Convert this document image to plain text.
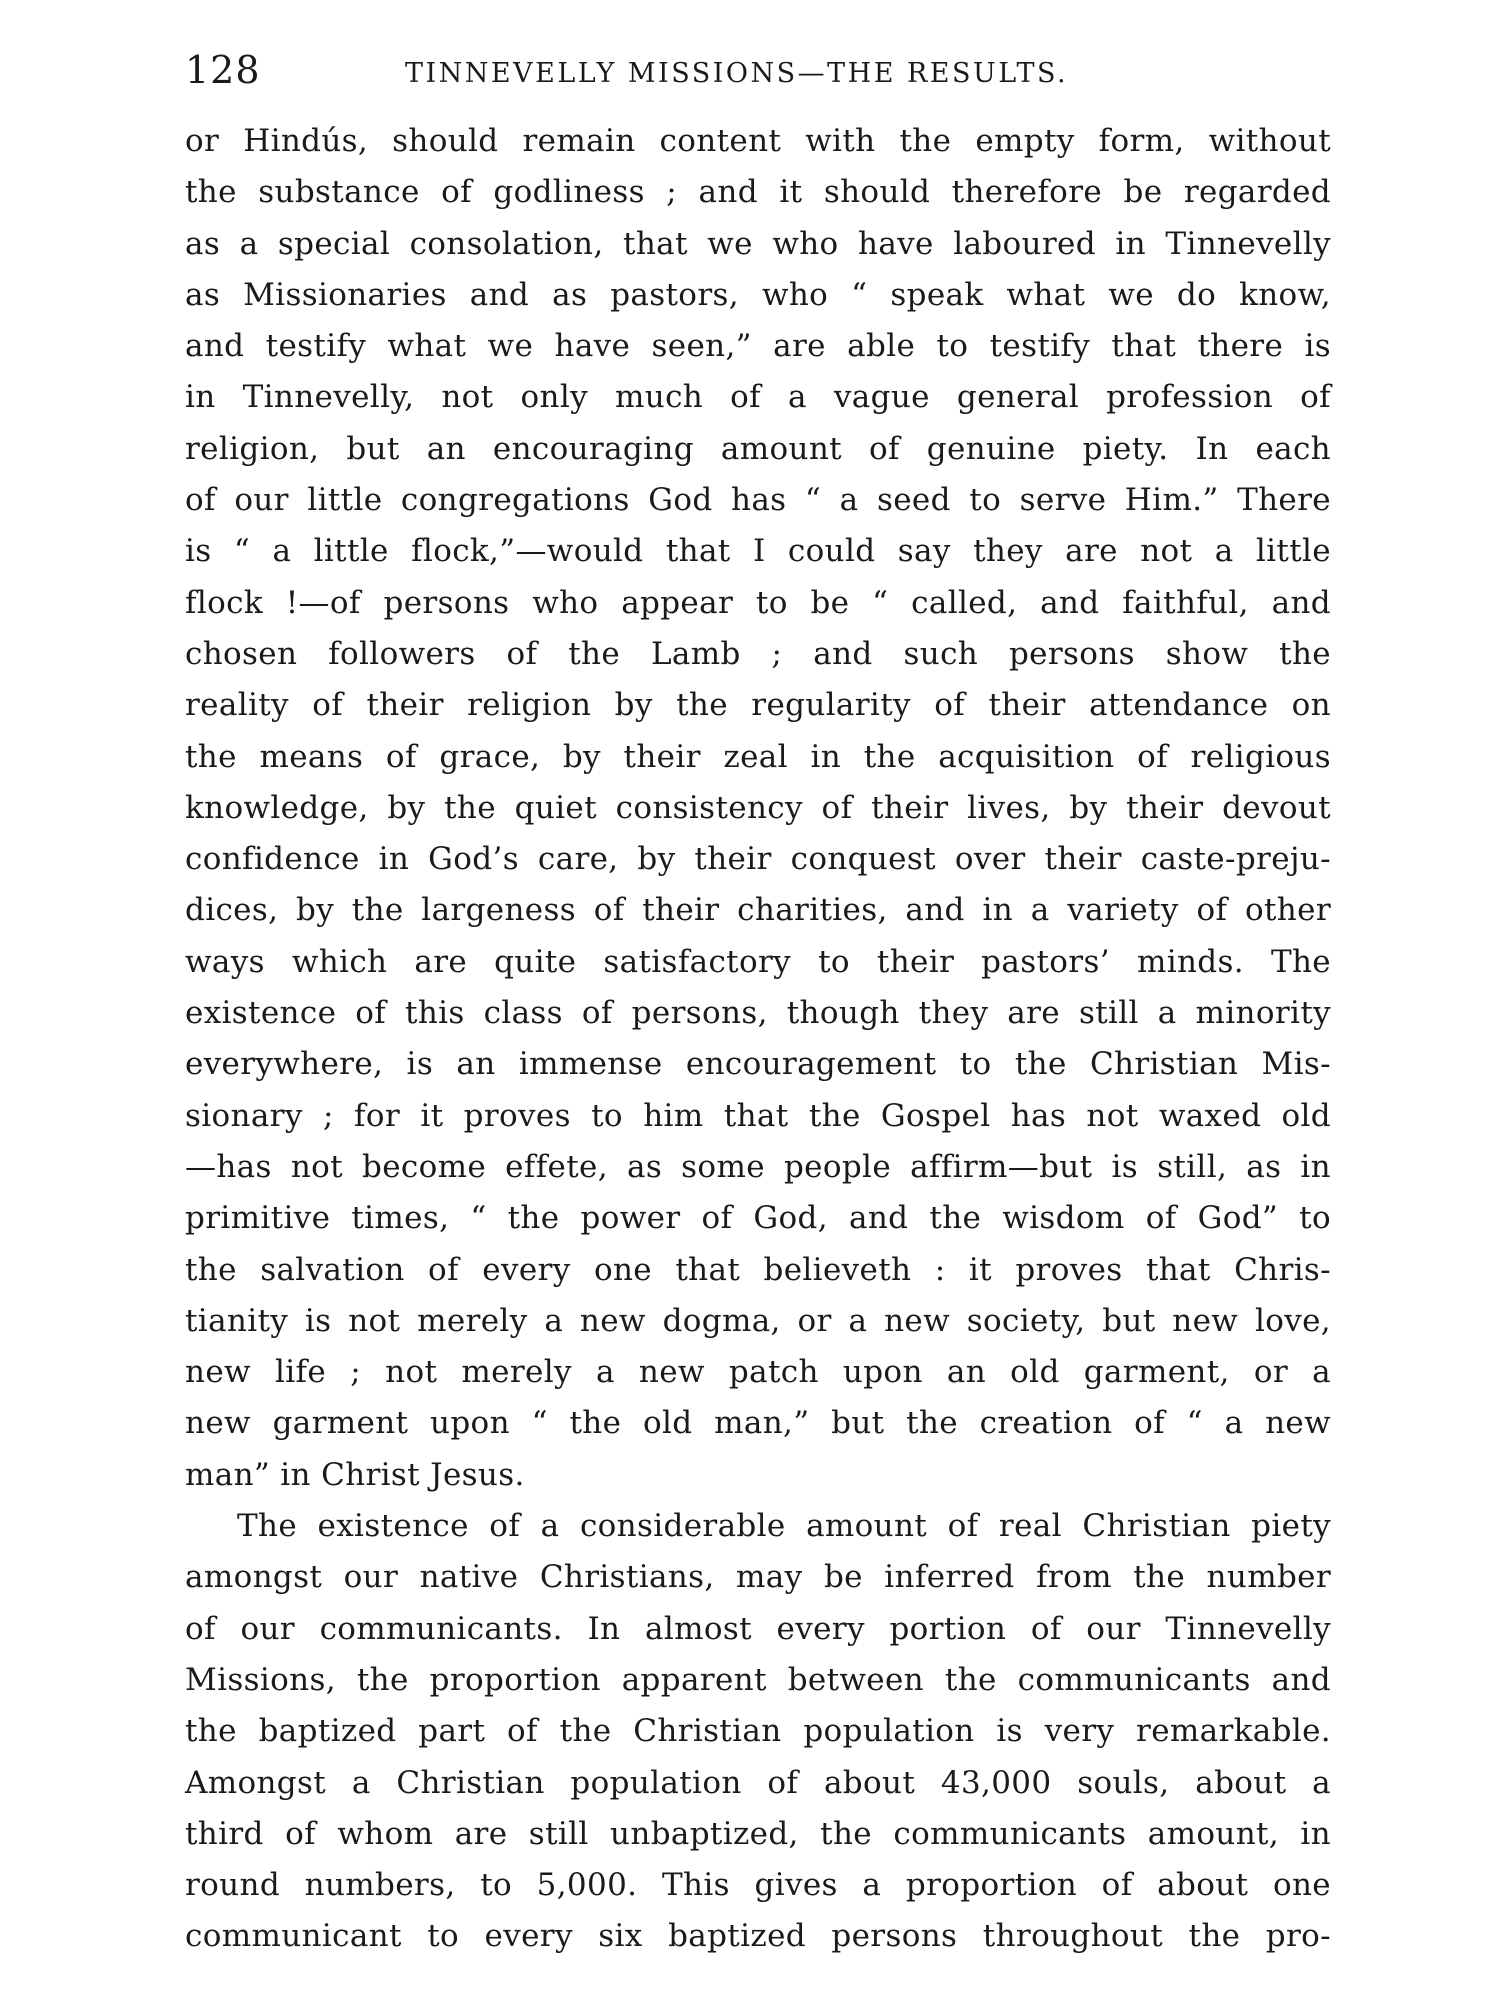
128	TINNEVELLY MISSIONS—THE RESULTS.
or Hindús, should remain content with the empty form, without
the substance of godliness ; and it should therefore be regarded
as a special consolation, that we who have laboured in Tinnevelly
as Missionaries and as pastors, who “ speak what we do know,
and testify what we have seen,” are able to testify that there is
in Tinnevelly, not only much of a vague general profession of
religion, but an encouraging amount of genuine piety. In each
of our little congregations God has “ a seed to serve Him.” There
is “ a little flock,”—would that I could say they are not a little
flock !—of persons who appear to be “ called, and faithful, and
chosen followers of the Lamb ; and such persons show the
reality of their religion by the regularity of their attendance on
the means of grace, by their zeal in the acquisition of religious
knowledge, by the quiet consistency of their lives, by their devout
confidence in God’s care, by their conquest over their caste-preju-
dices, by the largeness of their charities, and in a variety of other
ways which are quite satisfactory to their pastors’ minds. The
existence of this class of persons, though they are still a minority
everywhere, is an immense encouragement to the Christian Mis-
sionary ; for it proves to him that the Gospel has not waxed old
—has not become effete, as some people affirm—but is still, as in
primitive times, “ the power of God, and the wisdom of God” to
the salvation of every one that believeth : it proves that Chris-
tianity is not merely a new dogma, or a new society, but new love,
new life ; not merely a new patch upon an old garment, or a
new garment upon “ the old man,” but the creation of “ a new
man” in Christ Jesus.
The existence of a considerable amount of real Christian piety
amongst our native Christians, may be inferred from the number
of our communicants. In almost every portion of our Tinnevelly
Missions, the proportion apparent between the communicants and
the baptized part of the Christian population is very remarkable.
Amongst a Christian population of about 43,000 souls, about a
third of whom are still unbaptized, the communicants amount, in
round numbers, to 5,000. This gives a proportion of about one
communicant to every six baptized persons throughout the pro-
